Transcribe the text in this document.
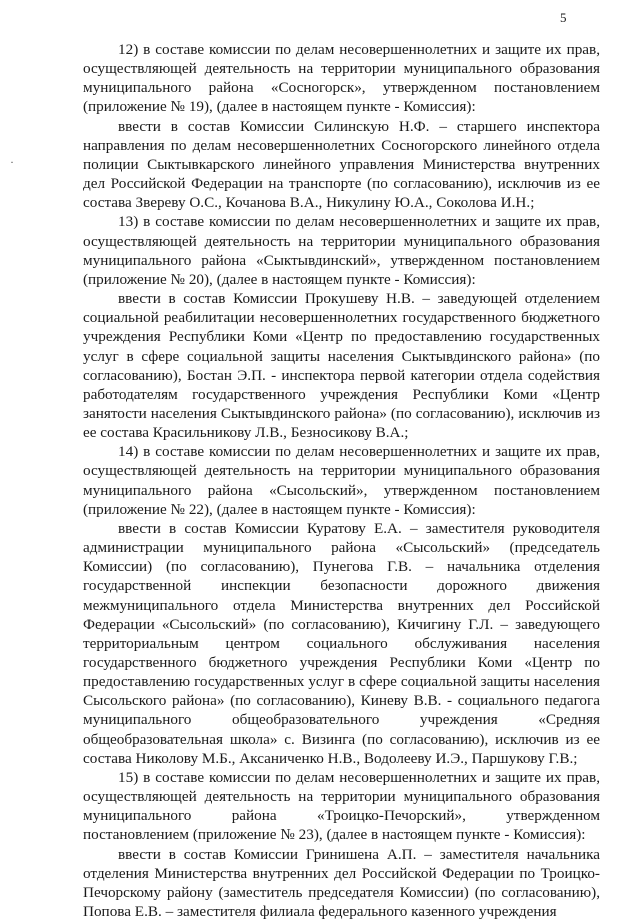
5
·

12) в составе комиссии по делам несовершеннолетних и защите их прав, осуществляющей деятельность на территории муниципального образования муниципального района «Сосногорск», утвержденном постановлением (приложение № 19), (далее в настоящем пункте - Комиссия):

ввести в состав Комиссии Силинскую Н.Ф. – старшего инспектора направления по делам несовершеннолетних Сосногорского линейного отдела полиции Сыктывкарского линейного управления Министерства внутренних дел Российской Федерации на транспорте (по согласованию), исключив из ее состава Звереву О.С., Кочанова В.А., Никулину Ю.А., Соколова И.Н.;

13) в составе комиссии по делам несовершеннолетних и защите их прав, осуществляющей деятельность на территории муниципального образования муниципального района «Сыктывдинский», утвержденном постановлением (приложение № 20), (далее в настоящем пункте - Комиссия):

ввести в состав Комиссии Прокушеву Н.В. – заведующей отделением социальной реабилитации несовершеннолетних государственного бюджетного учреждения Республики Коми «Центр по предоставлению государственных услуг в сфере социальной защиты населения Сыктывдинского района» (по согласованию), Бостан Э.П. - инспектора первой категории отдела содействия работодателям государственного учреждения Республики Коми «Центр занятости населения Сыктывдинского района» (по согласованию), исключив из ее состава Красильникову Л.В., Безносикову В.А.;

14) в составе комиссии по делам несовершеннолетних и защите их прав, осуществляющей деятельность на территории муниципального образования муниципального района «Сысольский», утвержденном постановлением (приложение № 22), (далее в настоящем пункте - Комиссия):

ввести в состав Комиссии Куратову Е.А. – заместителя руководителя администрации муниципального района «Сысольский» (председатель Комиссии) (по согласованию), Пунегова Г.В. – начальника отделения государственной инспекции безопасности дорожного движения межмуниципального отдела Министерства внутренних дел Российской Федерации «Сысольский» (по согласованию), Кичигину Г.Л. – заведующего территориальным центром социального обслуживания населения государственного бюджетного учреждения Республики Коми «Центр по предоставлению государственных услуг в сфере социальной защиты населения Сысольского района» (по согласованию), Киневу В.В. - социального педагога муниципального общеобразовательного учреждения «Средняя общеобразовательная школа» с. Визинга (по согласованию), исключив из ее состава Николову М.Б., Аксаниченко Н.В., Водолееву И.Э., Паршукову Г.В.;

15) в составе комиссии по делам несовершеннолетних и защите их прав, осуществляющей деятельность на территории муниципального образования муниципального района «Троицко-Печорский», утвержденном постановлением (приложение № 23), (далее в настоящем пункте - Комиссия):

ввести в состав Комиссии Гринишена А.П. – заместителя начальника отделения Министерства внутренних дел Российской Федерации по Троицко-Печорскому району (заместитель председателя Комиссии) (по согласованию), Попова Е.В. – заместителя филиала федерального казенного учреждения
